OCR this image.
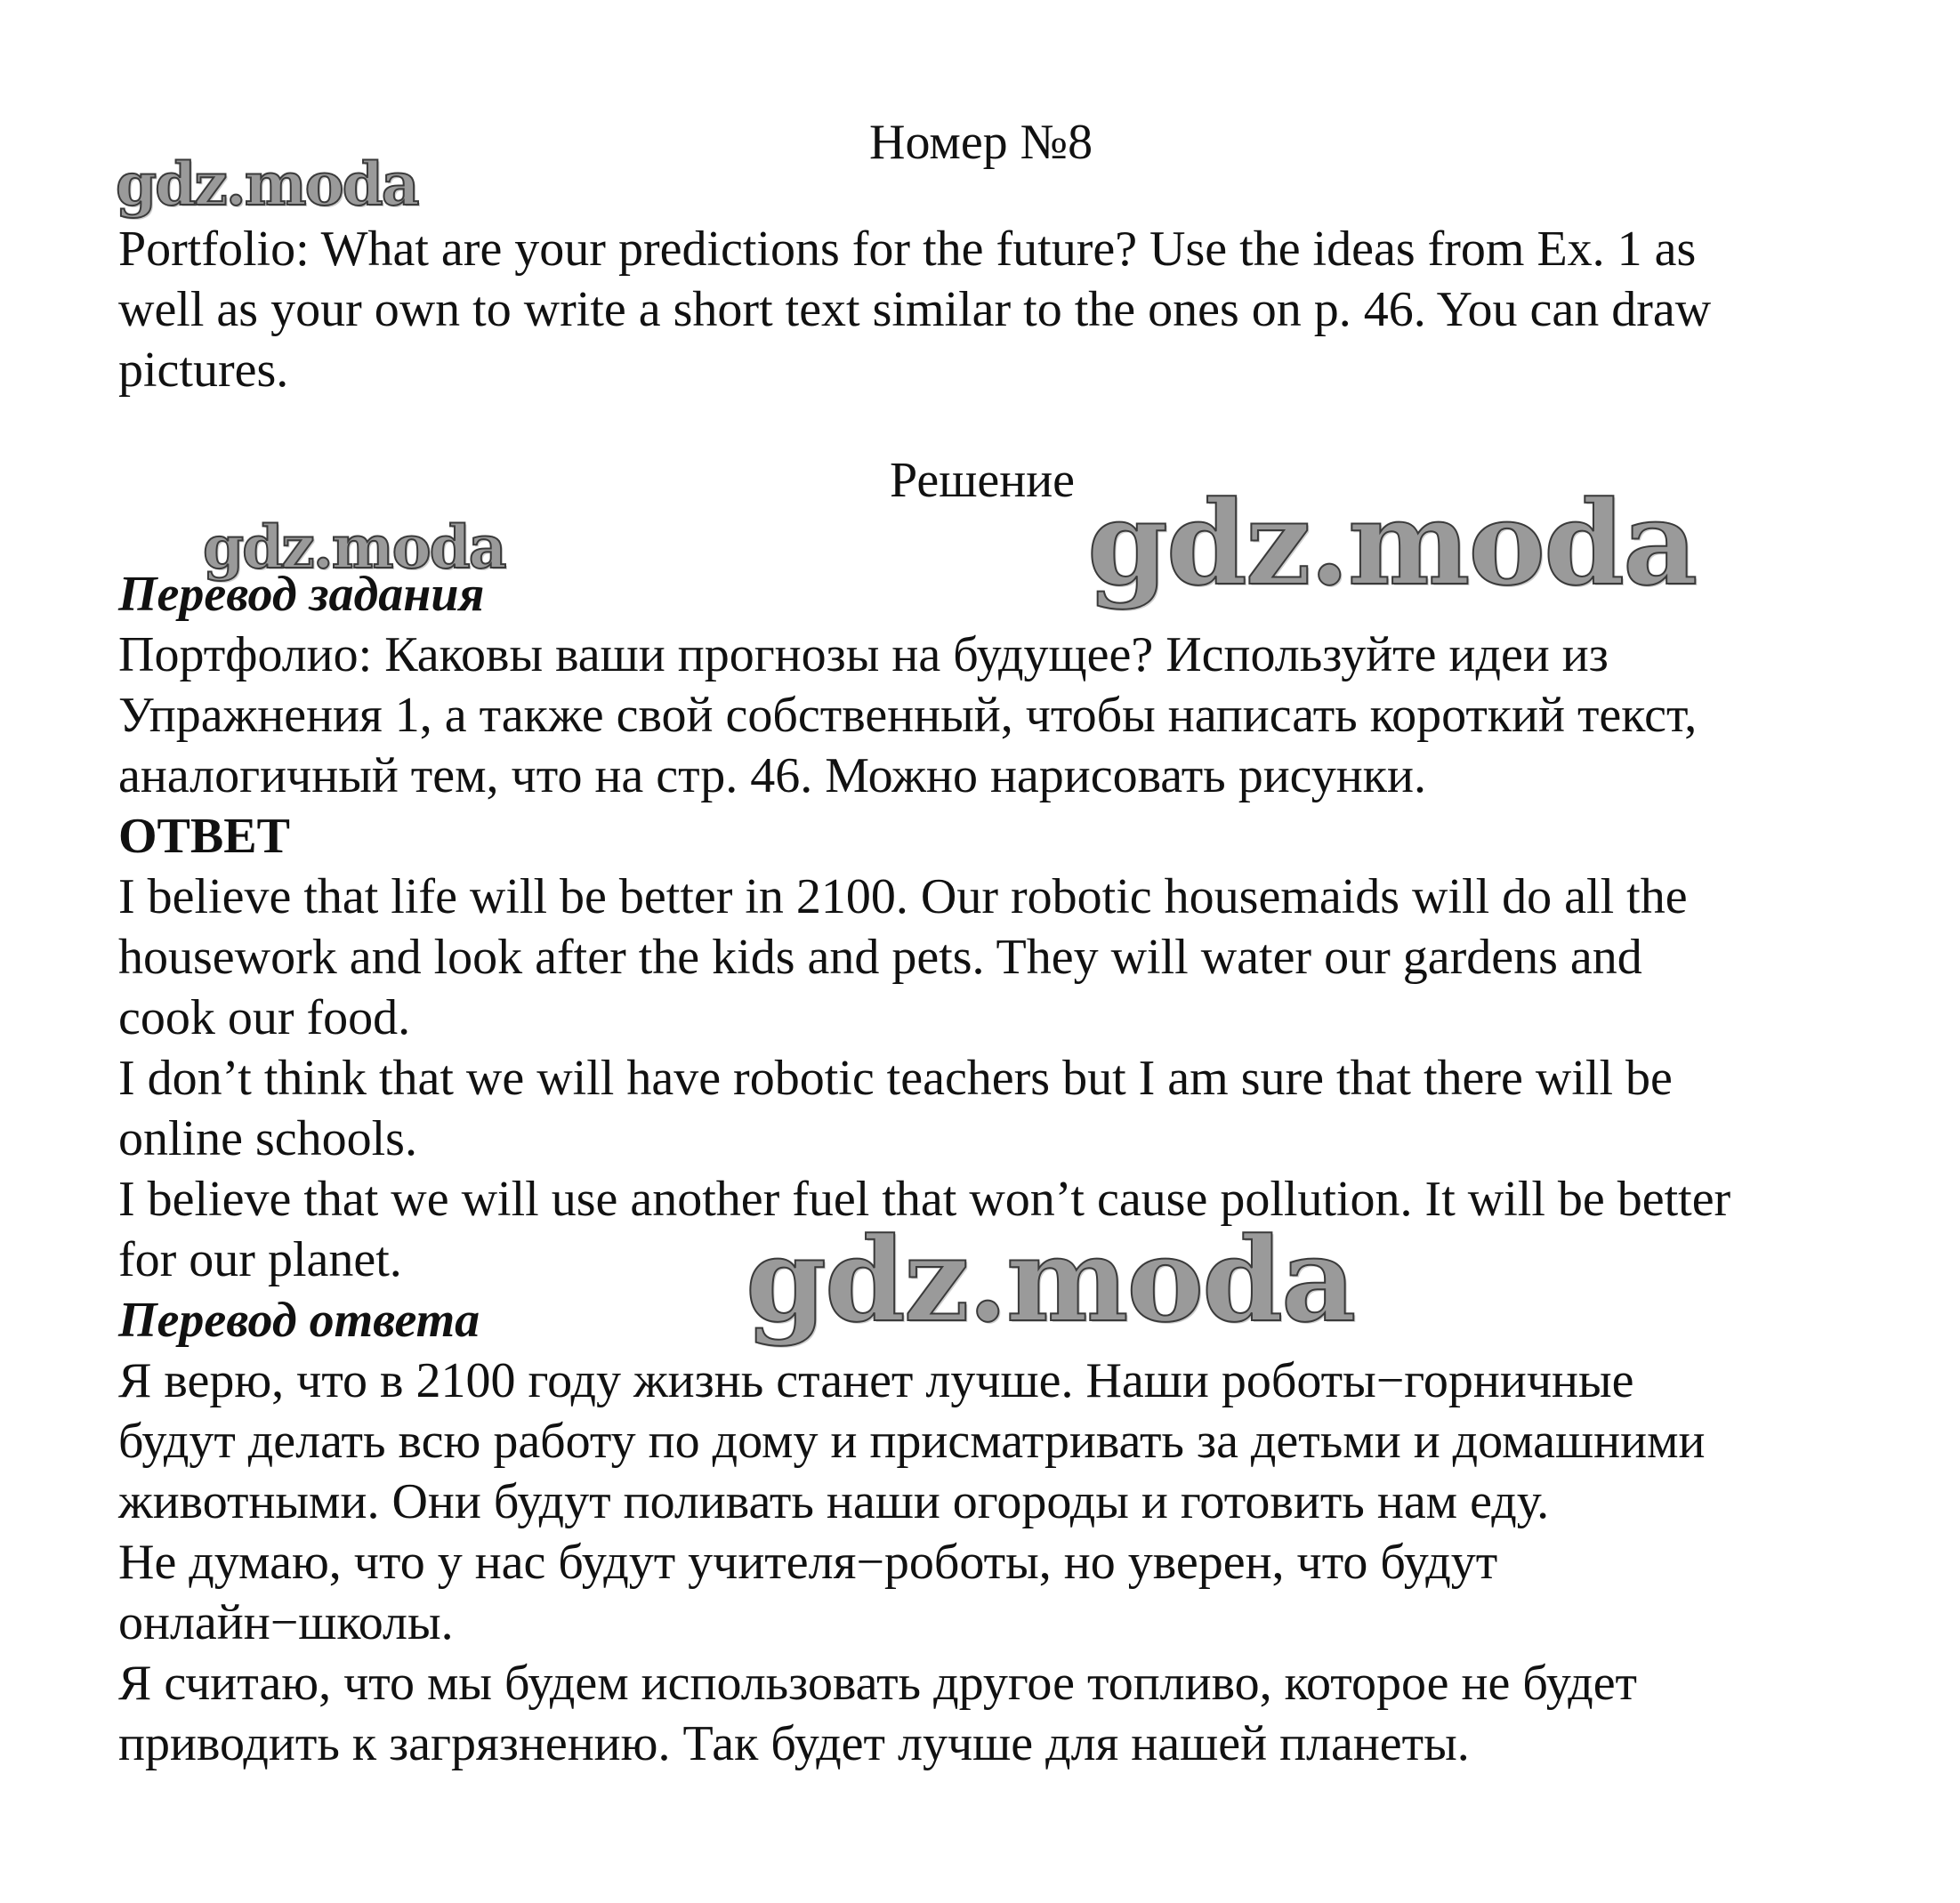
Номер №8
Portfolio: What are your predictions for the future? Use the ideas from Ex. 1 as
well as your own to write a short text similar to the ones on p. 46. You can draw
pictures.
Решение
Перевод задания
Портфолио: Каковы ваши прогнозы на будущее? Используйте идеи из
Упражнения 1, а также свой собственный, чтобы написать короткий текст,
аналогичный тем, что на стр. 46. Можно нарисовать рисунки.
ОТВЕТ
I believe that life will be better in 2100. Our robotic housemaids will do all the
housework and look after the kids and pets. They will water our gardens and
cook our food.
I don’t think that we will have robotic teachers but I am sure that there will be
online schools.
I believe that we will use another fuel that won’t cause pollution. It will be better
for our planet.
Перевод ответа
Я верю, что в 2100 году жизнь станет лучше. Наши роботы−горничные
будут делать всю работу по дому и присматривать за детьми и домашними
животными. Они будут поливать наши огороды и готовить нам еду.
Не думаю, что у нас будут учителя−роботы, но уверен, что будут
онлайн−школы.
Я считаю, что мы будем использовать другое топливо, которое не будет
приводить к загрязнению. Так будет лучше для нашей планеты.
gdz.moda
gdz.moda	gdz.moda
gdz.moda
